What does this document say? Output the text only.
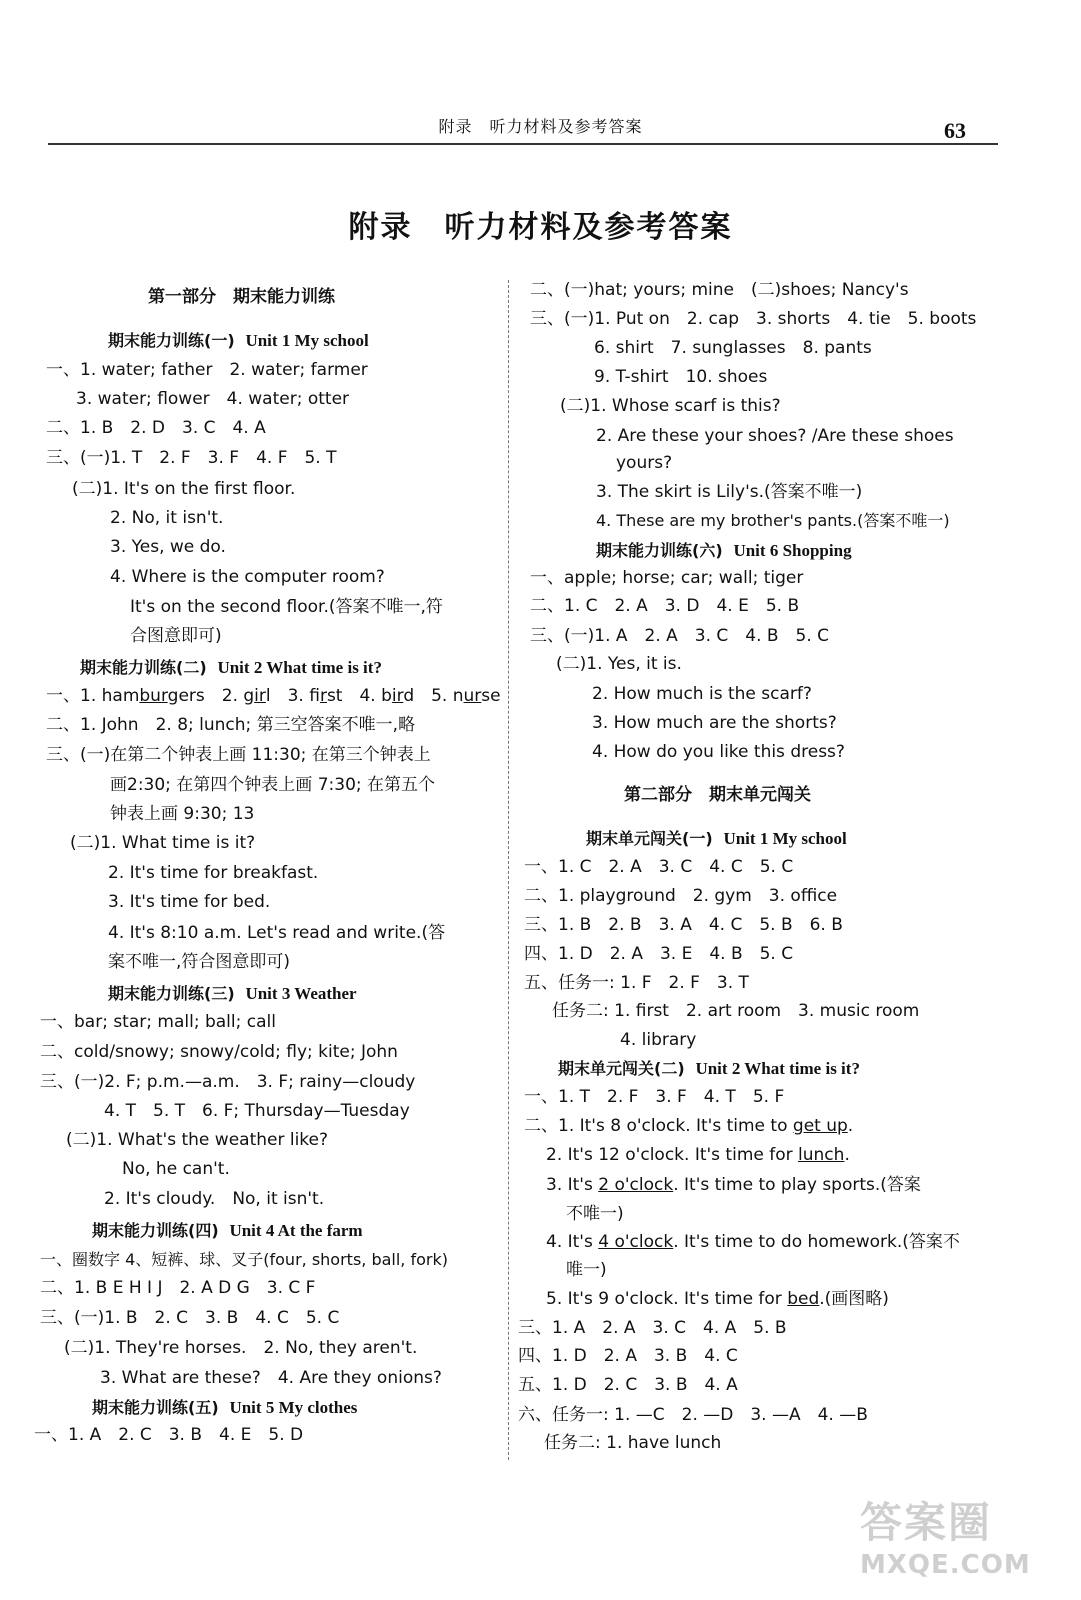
附录　听力材料及参考答案	63
附录　听力材料及参考答案
第一部分　期末能力训练
期末能力训练(一) Unit 1 My school
一、1. water; father　2. water; farmer
3. water; flower　4. water; otter
二、1. B　2. D　3. C　4. A
三、(一)1. T　2. F　3. F　4. F　5. T
(二)1. It's on the first floor.
2. No, it isn't.
3. Yes, we do.
4. Where is the computer room?
It's on the second floor.(答案不唯一,符
合图意即可)
期末能力训练(二) Unit 2 What time is it?
一、1. hamburgers　2. girl　3. first　4. bird　5. nurse
二、1. John　2. 8; lunch; 第三空答案不唯一,略
三、(一)在第二个钟表上画 11:30; 在第三个钟表上
画2:30; 在第四个钟表上画 7:30; 在第五个
钟表上画 9:30; 13
(二)1. What time is it?
2. It's time for breakfast.
3. It's time for bed.
4. It's 8:10 a.m. Let's read and write.(答
案不唯一,符合图意即可)
期末能力训练(三) Unit 3 Weather
一、bar; star; mall; ball; call
二、cold/snowy; snowy/cold; fly; kite; John
三、(一)2. F; p.m.—a.m.　3. F; rainy—cloudy
4. T　5. T　6. F; Thursday—Tuesday
(二)1. What's the weather like?
No, he can't.
2. It's cloudy.　No, it isn't.
期末能力训练(四) Unit 4 At the farm
一、圈数字 4、短裤、球、叉子(four, shorts, ball, fork)
二、1. B E H I J　2. A D G　3. C F
三、(一)1. B　2. C　3. B　4. C　5. C
(二)1. They're horses.　2. No, they aren't.
3. What are these?　4. Are they onions?
期末能力训练(五) Unit 5 My clothes
一、1. A　2. C　3. B　4. E　5. D
二、(一)hat; yours; mine　(二)shoes; Nancy's
三、(一)1. Put on　2. cap　3. shorts　4. tie　5. boots
6. shirt　7. sunglasses　8. pants
9. T-shirt　10. shoes
(二)1. Whose scarf is this?
2. Are these your shoes? /Are these shoes
yours?
3. The skirt is Lily's.(答案不唯一)
4. These are my brother's pants.(答案不唯一)
期末能力训练(六) Unit 6 Shopping
一、apple; horse; car; wall; tiger
二、1. C　2. A　3. D　4. E　5. B
三、(一)1. A　2. A　3. C　4. B　5. C
(二)1. Yes, it is.
2. How much is the scarf?
3. How much are the shorts?
4. How do you like this dress?
第二部分　期末单元闯关
期末单元闯关(一) Unit 1 My school
一、1. C　2. A　3. C　4. C　5. C
二、1. playground　2. gym　3. office
三、1. B　2. B　3. A　4. C　5. B　6. B
四、1. D　2. A　3. E　4. B　5. C
五、任务一: 1. F　2. F　3. T
任务二: 1. first　2. art room　3. music room
4. library
期末单元闯关(二) Unit 2 What time is it?
一、1. T　2. F　3. F　4. T　5. F
二、1. It's 8 o'clock. It's time to get up.
2. It's 12 o'clock. It's time for lunch.
3. It's 2 o'clock. It's time to play sports.(答案
不唯一)
4. It's 4 o'clock. It's time to do homework.(答案不
唯一)
5. It's 9 o'clock. It's time for bed.(画图略)
三、1. A　2. A　3. C　4. A　5. B
四、1. D　2. A　3. B　4. C
五、1. D　2. C　3. B　4. A
六、任务一: 1. —C　2. —D　3. —A　4. —B
任务二: 1. have lunch
答案圈
MXQE.COM
